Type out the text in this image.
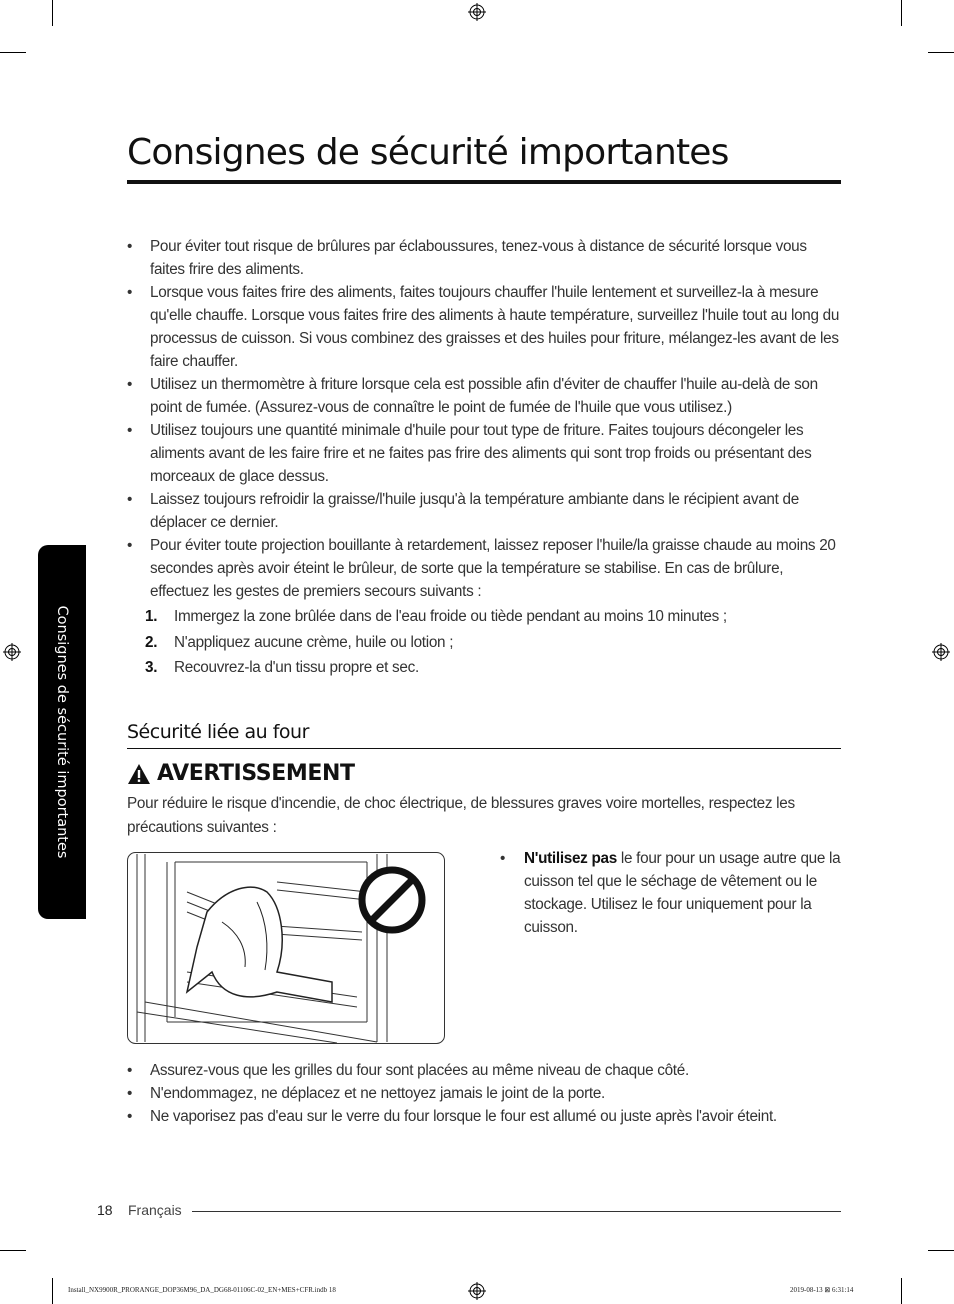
Consignes de sécurité importantes
Consignes de sécurité importantes
• Pour éviter tout risque de brûlures par éclaboussures, tenez-vous à distance de sécurité lorsque vous faites frire des aliments.
• Lorsque vous faites frire des aliments, faites toujours chauffer l'huile lentement et surveillez-la à mesure qu'elle chauffe. Lorsque vous faites frire des aliments à haute température, surveillez l'huile tout au long du processus de cuisson. Si vous combinez des graisses et des huiles pour friture, mélangez-les avant de les faire chauffer.
• Utilisez un thermomètre à friture lorsque cela est possible afin d'éviter de chauffer l'huile au-delà de son point de fumée. (Assurez-vous de connaître le point de fumée de l'huile que vous utilisez.)
• Utilisez toujours une quantité minimale d'huile pour tout type de friture. Faites toujours décongeler les aliments avant de les faire frire et ne faites pas frire des aliments qui sont trop froids ou présentant des morceaux de glace dessus.
• Laissez toujours refroidir la graisse/l'huile jusqu'à la température ambiante dans le récipient avant de déplacer ce dernier.
• Pour éviter toute projection bouillante à retardement, laissez reposer l'huile/la graisse chaude au moins 20 secondes après avoir éteint le brûleur, de sorte que la température se stabilise. En cas de brûlure, effectuez les gestes de premiers secours suivants :
1. Immergez la zone brûlée dans de l'eau froide ou tiède pendant au moins 10 minutes ;
2. N'appliquez aucune crème, huile ou lotion ;
3. Recouvrez-la d'un tissu propre et sec.
Sécurité liée au four
AVERTISSEMENT

Pour réduire le risque d'incendie, de choc électrique, de blessures graves voire mortelles, respectez les précautions suivantes :

• N'utilisez pas le four pour un usage autre que la cuisson tel que le séchage de vêtement ou le stockage. Utilisez le four uniquement pour la cuisson.
• Assurez-vous que les grilles du four sont placées au même niveau de chaque côté.
• N'endommagez, ne déplacez et ne nettoyez jamais le joint de la porte.
• Ne vaporisez pas d'eau sur le verre du four lorsque le four est allumé ou juste après l'avoir éteint.
18 Français
Install_NX9900R_PRORANGE_DOP36M96_DA_DG68-01106C-02_EN+MES+CFR.indb 18	2019-08-13 ⊠ 6:31:14
